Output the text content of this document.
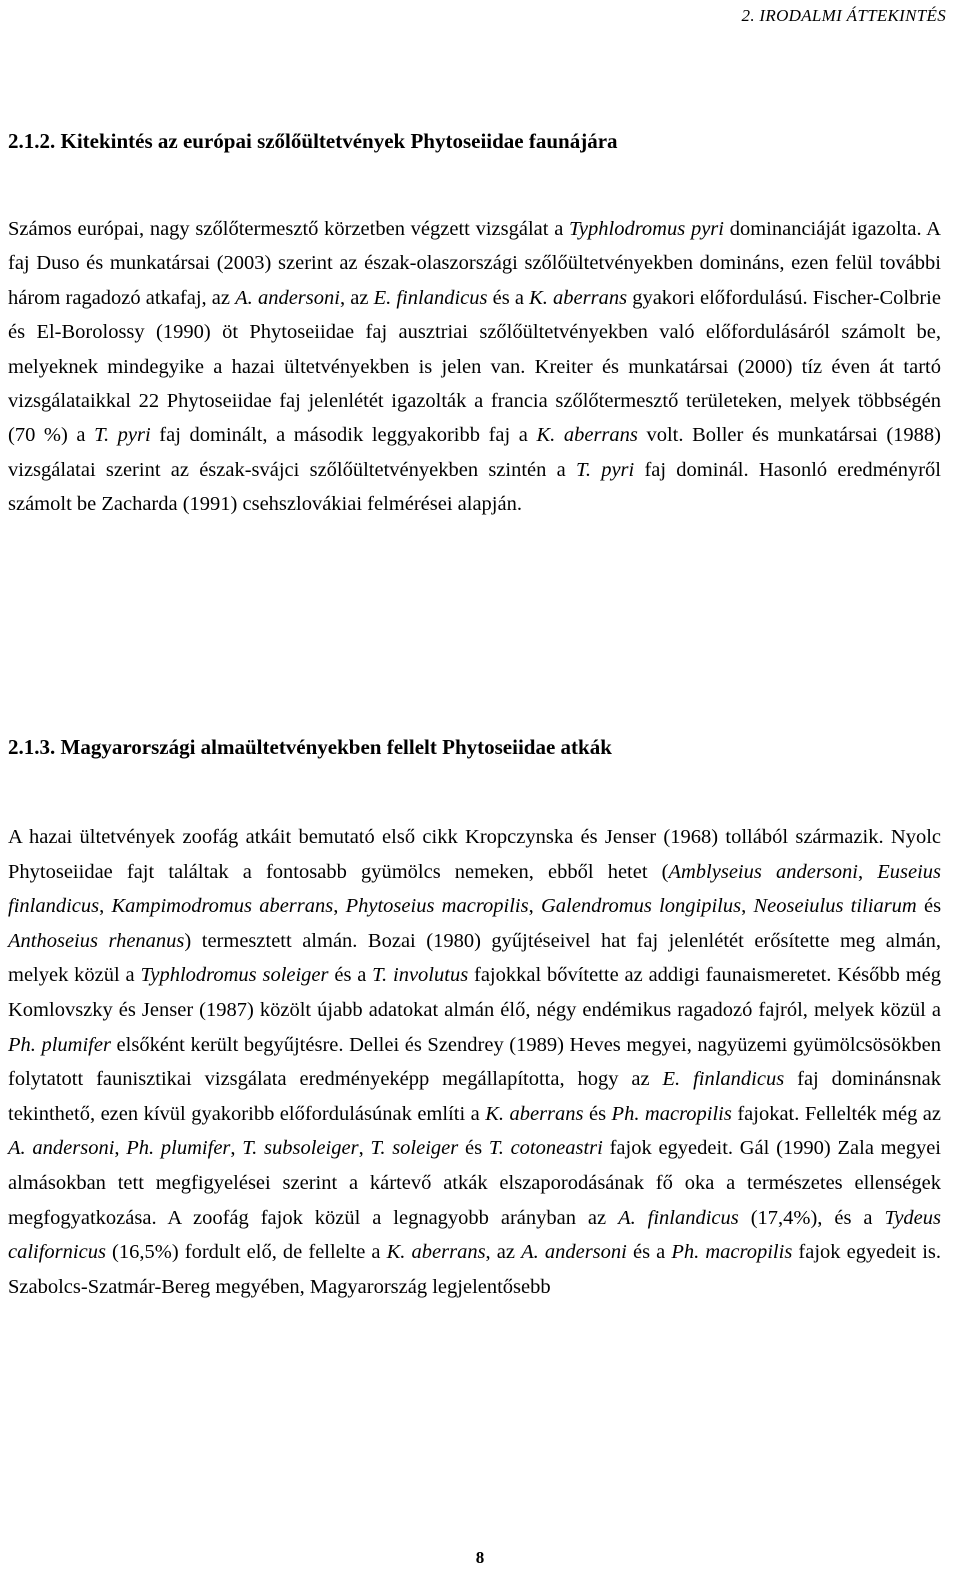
2. IRODALMI ÁTTEKINTÉS
2.1.2. Kitekintés az európai szőlőültetvények Phytoseiidae faunájára

Számos európai, nagy szőlőtermesztő körzetben végzett vizsgálat a Typhlodromus pyri dominanciáját igazolta. A faj Duso és munkatársai (2003) szerint az észak-olaszországi szőlőültetvényekben domináns, ezen felül további három ragadozó atkafaj, az A. andersoni, az E. finlandicus és a K. aberrans gyakori előfordulású. Fischer-Colbrie és El-Borolossy (1990) öt Phytoseiidae faj ausztriai szőlőültetvényekben való előfordulásáról számolt be, melyeknek mindegyike a hazai ültetvényekben is jelen van. Kreiter és munkatársai (2000) tíz éven át tartó vizsgálataikkal 22 Phytoseiidae faj jelenlétét igazolták a francia szőlőtermesztő területeken, melyek többségén (70 %) a T. pyri faj dominált, a második leggyakoribb faj a K. aberrans volt. Boller és munkatársai (1988) vizsgálatai szerint az észak-svájci szőlőültetvényekben szintén a T. pyri faj dominál. Hasonló eredményről számolt be Zacharda (1991) csehszlovákiai felmérései alapján.

2.1.3. Magyarországi almaültetvényekben fellelt Phytoseiidae atkák

A hazai ültetvények zoofág atkáit bemutató első cikk Kropczynska és Jenser (1968) tollából származik. Nyolc Phytoseiidae fajt találtak a fontosabb gyümölcs nemeken, ebből hetet (Amblyseius andersoni, Euseius finlandicus, Kampimodromus aberrans, Phytoseius macropilis, Galendromus longipilus, Neoseiulus tiliarum és Anthoseius rhenanus) termesztett almán. Bozai (1980) gyűjtéseivel hat faj jelenlétét erősítette meg almán, melyek közül a Typhlodromus soleiger és a T. involutus fajokkal bővítette az addigi faunaismeretet. Később még Komlovszky és Jenser (1987) közölt újabb adatokat almán élő, négy endémikus ragadozó fajról, melyek közül a Ph. plumifer elsőként került begyűjtésre. Dellei és Szendrey (1989) Heves megyei, nagyüzemi gyümölcsösökben folytatott faunisztikai vizsgálata eredményeképp megállapította, hogy az E. finlandicus faj dominánsnak tekinthető, ezen kívül gyakoribb előfordulásúnak említi a K. aberrans és Ph. macropilis fajokat. Fellelték még az A. andersoni, Ph. plumifer, T. subsoleiger, T. soleiger és T. cotoneastri fajok egyedeit. Gál (1990) Zala megyei almásokban tett megfigyelései szerint a kártevő atkák elszaporodásának fő oka a természetes ellenségek megfogyatkozása. A zoofág fajok közül a legnagyobb arányban az A. finlandicus (17,4%), és a Tydeus californicus (16,5%) fordult elő, de fellelte a K. aberrans, az A. andersoni és a Ph. macropilis fajok egyedeit is. Szabolcs-Szatmár-Bereg megyében, Magyarország legjelentősebb

8
